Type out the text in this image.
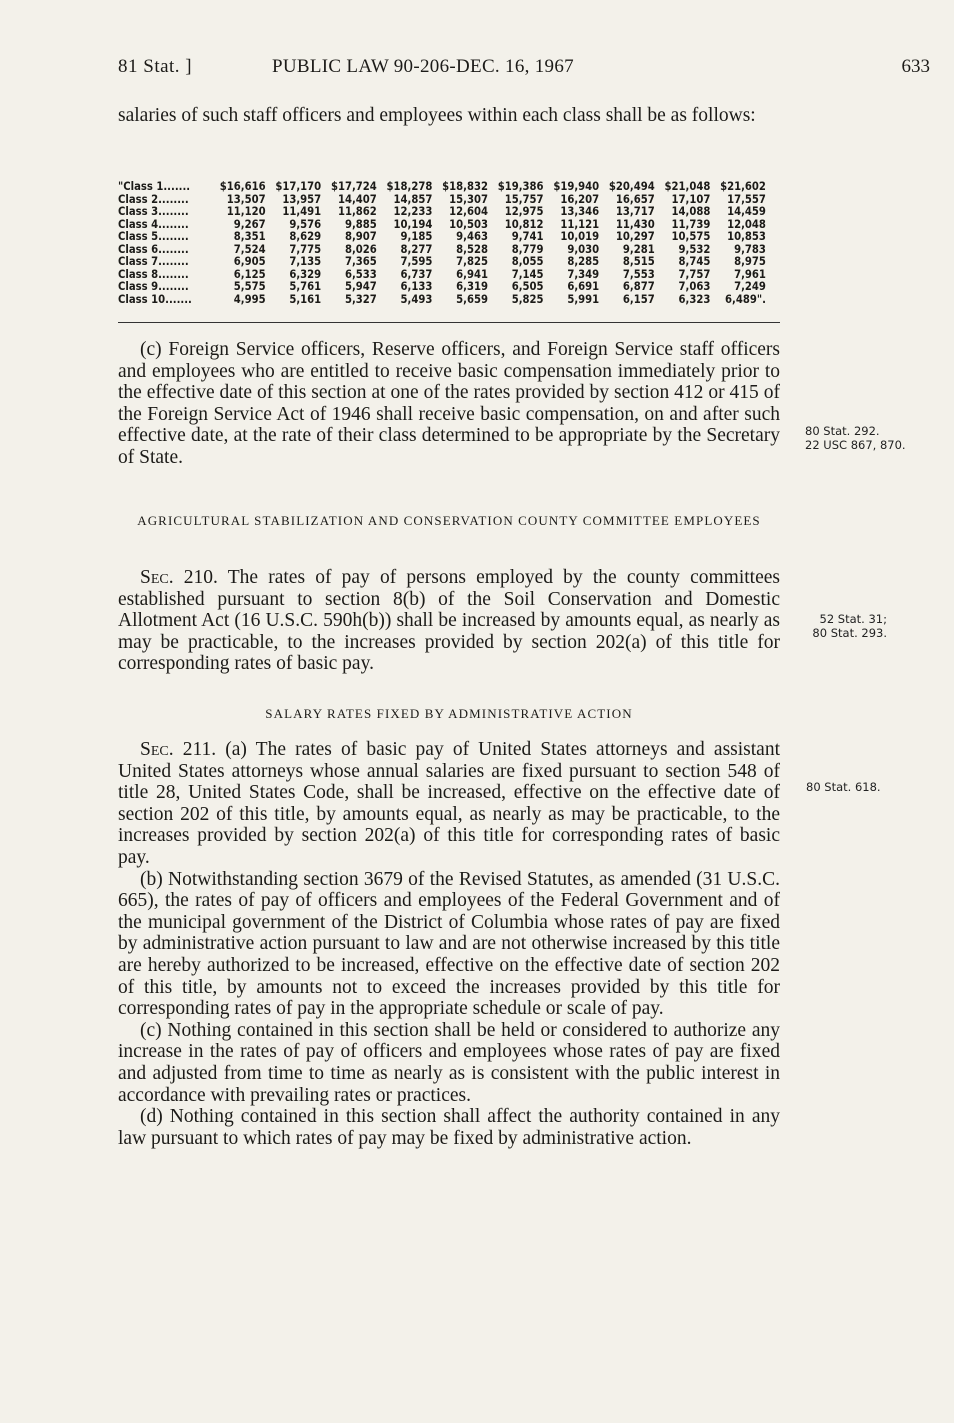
81 Stat. ]	PUBLIC LAW 90-206-DEC. 16, 1967	633

salaries of such staff officers and employees within each class shall be as follows:

"Class 1.......	$16,616	$17,170	$17,724	$18,278	$18,832	$19,386	$19,940	$20,494	$21,048	$21,602
Class 2........	13,507	13,957	14,407	14,857	15,307	15,757	16,207	16,657	17,107	17,557
Class 3........	11,120	11,491	11,862	12,233	12,604	12,975	13,346	13,717	14,088	14,459
Class 4........	9,267	9,576	9,885	10,194	10,503	10,812	11,121	11,430	11,739	12,048
Class 5........	8,351	8,629	8,907	9,185	9,463	9,741	10,019	10,297	10,575	10,853
Class 6........	7,524	7,775	8,026	8,277	8,528	8,779	9,030	9,281	9,532	9,783
Class 7........	6,905	7,135	7,365	7,595	7,825	8,055	8,285	8,515	8,745	8,975
Class 8........	6,125	6,329	6,533	6,737	6,941	7,145	7,349	7,553	7,757	7,961
Class 9........	5,575	5,761	5,947	6,133	6,319	6,505	6,691	6,877	7,063	7,249
Class 10.......	4,995	5,161	5,327	5,493	5,659	5,825	5,991	6,157	6,323	6,489".

(c) Foreign Service officers, Reserve officers, and Foreign Service staff officers and employees who are entitled to receive basic compensation immediately prior to the effective date of this section at one of the rates provided by section 412 or 415 of the Foreign Service Act of 1946 shall receive basic compensation, on and after such effective date, at the rate of their class determined to be appropriate by the Secretary of State.

AGRICULTURAL STABILIZATION AND CONSERVATION COUNTY COMMITTEE EMPLOYEES

Sec. 210. The rates of pay of persons employed by the county committees established pursuant to section 8(b) of the Soil Conservation and Domestic Allotment Act (16 U.S.C. 590h(b)) shall be increased by amounts equal, as nearly as may be practicable, to the increases provided by section 202(a) of this title for corresponding rates of basic pay.

SALARY RATES FIXED BY ADMINISTRATIVE ACTION

Sec. 211. (a) The rates of basic pay of United States attorneys and assistant United States attorneys whose annual salaries are fixed pursuant to section 548 of title 28, United States Code, shall be increased, effective on the effective date of section 202 of this title, by amounts equal, as nearly as may be practicable, to the increases provided by section 202(a) of this title for corresponding rates of basic pay.

(b) Notwithstanding section 3679 of the Revised Statutes, as amended (31 U.S.C. 665), the rates of pay of officers and employees of the Federal Government and of the municipal government of the District of Columbia whose rates of pay are fixed by administrative action pursuant to law and are not otherwise increased by this title are hereby authorized to be increased, effective on the effective date of section 202 of this title, by amounts not to exceed the increases provided by this title for corresponding rates of pay in the appropriate schedule or scale of pay.

(c) Nothing contained in this section shall be held or considered to authorize any increase in the rates of pay of officers and employees whose rates of pay are fixed and adjusted from time to time as nearly as is consistent with the public interest in accordance with prevailing rates or practices.

(d) Nothing contained in this section shall affect the authority contained in any law pursuant to which rates of pay may be fixed by administrative action.

80 Stat. 292.
22 USC 867, 870.
52 Stat. 31;
80 Stat. 293.
80 Stat. 618.
